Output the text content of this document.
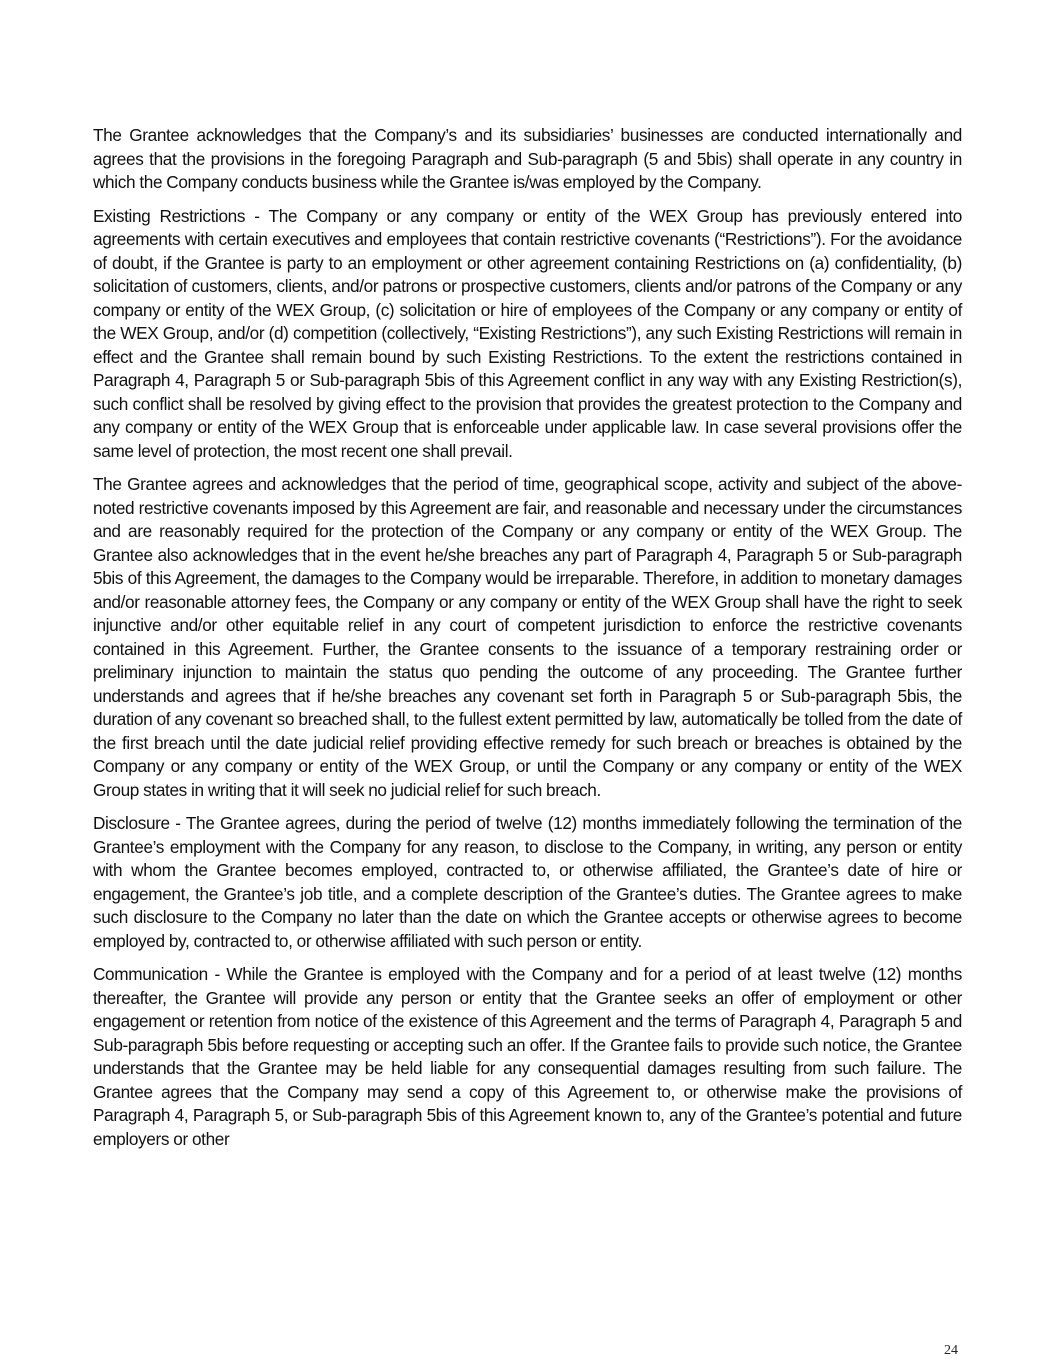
The Grantee acknowledges that the Company’s and its subsidiaries’ businesses are conducted internationally and agrees that the provisions in the foregoing Paragraph and Sub-paragraph (5 and 5bis) shall operate in any country in which the Company conducts business while the Grantee is/was employed by the Company.

Existing Restrictions - The Company or any company or entity of the WEX Group has previously entered into agreements with certain executives and employees that contain restrictive covenants (“Restrictions”). For the avoidance of doubt, if the Grantee is party to an employment or other agreement containing Restrictions on (a) confidentiality, (b) solicitation of customers, clients, and/or patrons or prospective customers, clients and/or patrons of the Company or any company or entity of the WEX Group, (c) solicitation or hire of employees of the Company or any company or entity of the WEX Group, and/or (d) competition (collectively, “Existing Restrictions”), any such Existing Restrictions will remain in effect and the Grantee shall remain bound by such Existing Restrictions. To the extent the restrictions contained in Paragraph 4, Paragraph 5 or Sub-paragraph 5bis of this Agreement conflict in any way with any Existing Restriction(s), such conflict shall be resolved by giving effect to the provision that provides the greatest protection to the Company and any company or entity of the WEX Group that is enforceable under applicable law. In case several provisions offer the same level of protection, the most recent one shall prevail.

The Grantee agrees and acknowledges that the period of time, geographical scope, activity and subject of the above-noted restrictive covenants imposed by this Agreement are fair, and reasonable and necessary under the circumstances and are reasonably required for the protection of the Company or any company or entity of the WEX Group. The Grantee also acknowledges that in the event he/she breaches any part of Paragraph 4, Paragraph 5 or Sub-paragraph 5bis of this Agreement, the damages to the Company would be irreparable. Therefore, in addition to monetary damages and/or reasonable attorney fees, the Company or any company or entity of the WEX Group shall have the right to seek injunctive and/or other equitable relief in any court of competent jurisdiction to enforce the restrictive covenants contained in this Agreement. Further, the Grantee consents to the issuance of a temporary restraining order or preliminary injunction to maintain the status quo pending the outcome of any proceeding. The Grantee further understands and agrees that if he/she breaches any covenant set forth in Paragraph 5 or Sub-paragraph 5bis, the duration of any covenant so breached shall, to the fullest extent permitted by law, automatically be tolled from the date of the first breach until the date judicial relief providing effective remedy for such breach or breaches is obtained by the Company or any company or entity of the WEX Group, or until the Company or any company or entity of the WEX Group states in writing that it will seek no judicial relief for such breach.

Disclosure - The Grantee agrees, during the period of twelve (12) months immediately following the termination of the Grantee’s employment with the Company for any reason, to disclose to the Company, in writing, any person or entity with whom the Grantee becomes employed, contracted to, or otherwise affiliated, the Grantee’s date of hire or engagement, the Grantee’s job title, and a complete description of the Grantee’s duties. The Grantee agrees to make such disclosure to the Company no later than the date on which the Grantee accepts or otherwise agrees to become employed by, contracted to, or otherwise affiliated with such person or entity.

Communication - While the Grantee is employed with the Company and for a period of at least twelve (12) months thereafter, the Grantee will provide any person or entity that the Grantee seeks an offer of employment or other engagement or retention from notice of the existence of this Agreement and the terms of Paragraph 4, Paragraph 5 and Sub-paragraph 5bis before requesting or accepting such an offer. If the Grantee fails to provide such notice, the Grantee understands that the Grantee may be held liable for any consequential damages resulting from such failure. The Grantee agrees that the Company may send a copy of this Agreement to, or otherwise make the provisions of Paragraph 4, Paragraph 5, or Sub-paragraph 5bis of this Agreement known to, any of the Grantee’s potential and future employers or other

24
